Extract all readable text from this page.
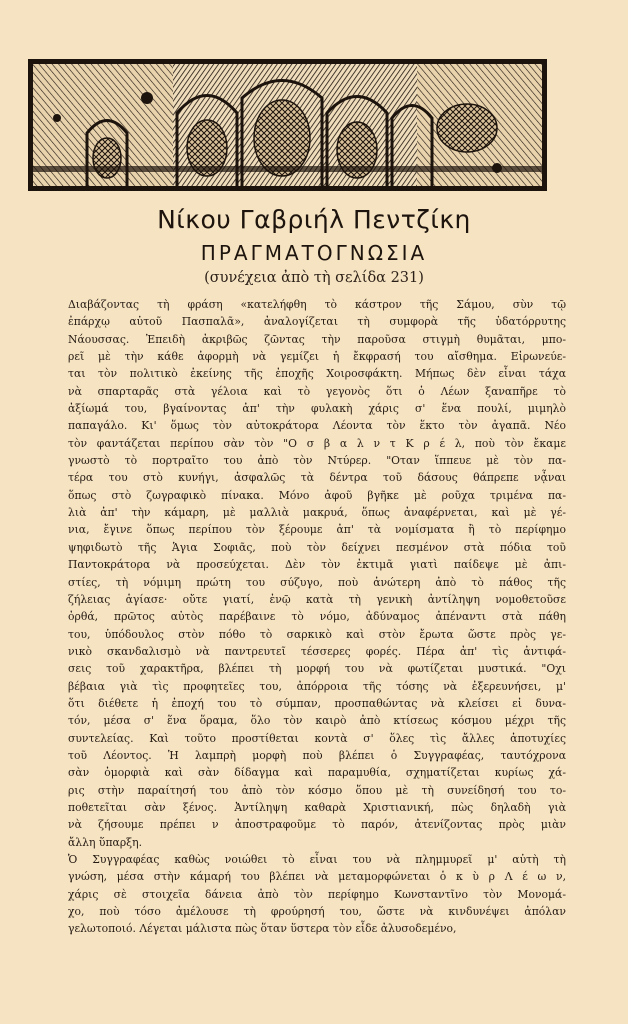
Νίκου Γαβριήλ Πεντζίκη
ΠΡΑΓΜΑΤΟΓΝΩΣΙΑ
(συνέχεια ἀπὸ τὴ σελίδα 231)
Διαβάζοντας τὴ φράση «κατελήφθη τὸ κάστρον τῆς Σάμου, σὺν τῷ
ἐπάρχῳ αὐτοῦ Πασπαλᾶ», ἀναλογίζεται τὴ συμφορὰ τῆς ὑδατόρρυτης
Νάουσσας. Ἐπειδὴ ἀκριβῶς ζῶντας τὴν παροῦσα στιγμὴ θυμᾶται, μπο-
ρεῖ μὲ τὴν κάθε ἀφορμὴ νὰ γεμίζει ἡ ἔκφρασή του αἴσθημα. Εἰρωνεύε-
ται τὸν πολιτικὸ ἐκείνης τῆς ἐποχῆς Χοιροσφάκτη. Μήπως δὲν εἶναι τάχα
νὰ σπαρταρᾶς στὰ γέλοια καὶ τὸ γεγονὸς ὅτι ὁ Λέων ξαναπῆρε τὸ
ἀξίωμά του, βγαίνοντας ἀπ' τὴν φυλακὴ χάρις σ' ἕνα πουλί, μιμηλὸ
παπαγάλο. Κι' ὅμως τὸν αὐτοκράτορα Λέοντα τὸν ἕκτο τὸν ἀγαπᾶ. Νέο
τὸν φαντάζεται περίπου σὰν τὸν "Ο σ β α λ ν τ Κ ρ έ λ, ποὺ τὸν ἔκαμε
γνωστὸ τὸ πορτραῖτο του ἀπὸ τὸν Ντύρερ. "Οταν ἵππευε μὲ τὸν πα-
τέρα του στὸ κυνήγι, ἀσφαλῶς τὰ δέντρα τοῦ δάσους θάπρεπε νᾆναι
ὅπως στὸ ζωγραφικὸ πίνακα. Μόνο ἀφοῦ βγῆκε μὲ ροῦχα τριμένα πα-
λιὰ ἀπ' τὴν κάμαρη, μὲ μαλλιὰ μακρυά, ὅπως ἀναφέρνεται, καὶ μὲ γέ-
νια, ἔγινε ὅπως περίπου τὸν ξέρουμε ἀπ' τὰ νομίσματα ἢ τὸ περίφημο
ψηφιδωτὸ τῆς Ἁγια Σοφιᾶς, ποὺ τὸν δείχνει πεσμένον στὰ πόδια τοῦ
Παντοκράτορα νὰ προσεύχεται. Δὲν τὸν ἐκτιμᾶ γιατὶ παίδεψε μὲ ἀπι-
στίες, τὴ νόμιμη πρώτη του σύζυγο, ποὺ ἀνώτερη ἀπὸ τὸ πάθος τῆς
ζήλειας ἁγίασε· οὔτε γιατί, ἐνῷ κατὰ τὴ γενικὴ ἀντίληψη νομοθετοῦσε
ὀρθά, πρῶτος αὐτὸς παρέβαινε τὸ νόμο, ἀδύναμος ἀπέναντι στὰ πάθη
του, ὑπόδουλος στὸν πόθο τὸ σαρκικὸ καὶ στὸν ἔρωτα ὥστε πρὸς γε-
νικὸ σκανδαλισμὸ νὰ παντρευτεῖ τέσσερες φορές. Πέρα ἀπ' τὶς ἀντιφά-
σεις τοῦ χαρακτῆρα, βλέπει τὴ μορφή του νὰ φωτίζεται μυστικά. "Οχι
βέβαια γιὰ τὶς προφητεῖες του, ἀπόρροια τῆς τόσης νὰ ἐξερευνήσει, μ'
ὅτι διέθετε ἡ ἐποχή του τὸ σύμπαν, προσπαθώντας νὰ κλείσει εἰ δυνα-
τόν, μέσα σ' ἕνα ὅραμα, ὅλο τὸν καιρὸ ἀπὸ κτίσεως κόσμου μέχρι τῆς
συντελείας. Καὶ τοῦτο προστίθεται κοντὰ σ' ὅλες τὶς ἄλλες ἀποτυχίες
τοῦ Λέοντος. Ἡ λαμπρὴ μορφὴ ποὺ βλέπει ὁ Συγγραφέας, ταυτόχρονα
σὰν ὀμορφιὰ καὶ σὰν δίδαγμα καὶ παραμυθία, σχηματίζεται κυρίως χά-
ρις στὴν παραίτησή του ἀπὸ τὸν κόσμο ὅπου μὲ τὴ συνείδησή του το-
ποθετεῖται σὰν ξένος. Ἀντίληψη καθαρὰ Χριστιανική, πὼς δηλαδὴ γιὰ
νὰ ζήσουμε πρέπει ν ἀποστραφοῦμε τὸ παρόν, ἀτενίζοντας πρὸς μιὰν
ἄλλη ὕπαρξη.
Ὁ Συγγραφέας καθὼς νοιώθει τὸ εἶναι του νὰ πλημμυρεῖ μ' αὐτὴ τὴ
γνώση, μέσα στὴν κάμαρή του βλέπει νὰ μεταμορφώνεται ὁ κ ὺ ρ Λ έ ω ν,
χάρις σὲ στοιχεῖα δάνεια ἀπὸ τὸν περίφημο Κωνσταντῖνο τὸν Μονομά-
χο, ποὺ τόσο ἀμέλουσε τὴ φρούρησή του, ὥστε νὰ κινδυνέψει ἀπόλαν
γελωτοποιό. Λέγεται μάλιστα πὼς ὅταν ὕστερα τὸν εἶδε ἀλυσοδεμένο,
